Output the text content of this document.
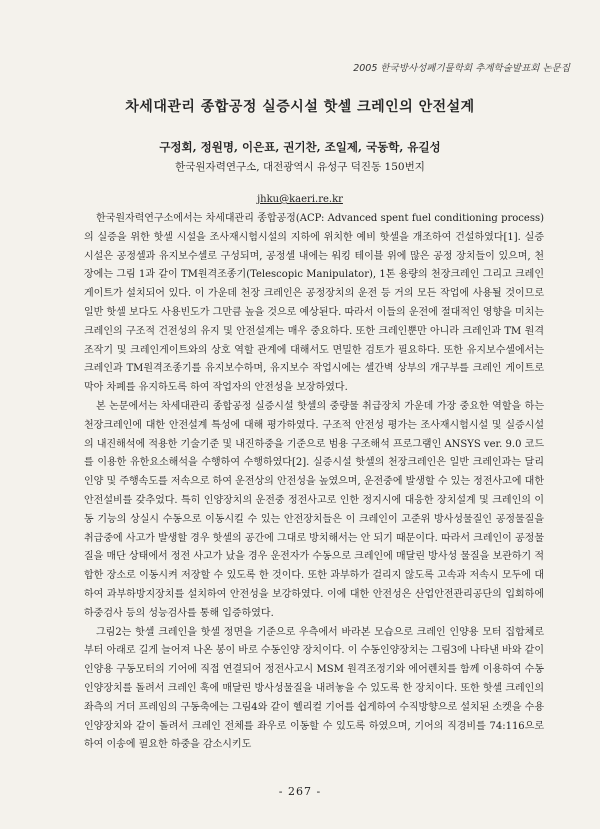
2005 한국방사성폐기물학회 추계학술발표회 논문집
차세대관리 종합공정 실증시설 핫셀 크레인의 안전설계
구정회, 정원명, 이은표, 권기찬, 조일제, 국동학, 유길성
한국원자력연구소, 대전광역시 유성구 덕진동 150번지
jhku@kaeri.re.kr

한국원자력연구소에서는 차세대관리 종합공정(ACP: Advanced spent fuel conditioning process)의 실증을 위한 핫셀 시설을 조사재시험시설의 지하에 위치한 예비 핫셀을 개조하여 건설하였다[1]. 실증시설은 공정셀과 유지보수셀로 구성되며, 공정셀 내에는 워킹 테이블 위에 많은 공정 장치들이 있으며, 천장에는 그림 1과 같이 TM원격조종기(Telescopic Manipulator), 1톤 용량의 천장크레인 그리고 크레인 게이트가 설치되어 있다. 이 가운데 천장 크레인은 공정장치의 운전 등 거의 모든 작업에 사용될 것이므로 일반 핫셀 보다도 사용빈도가 그만큼 높을 것으로 예상된다. 따라서 이들의 운전에 절대적인 영향을 미치는 크레인의 구조적 건전성의 유지 및 안전설계는 매우 중요하다. 또한 크레인뿐만 아니라 크레인과 TM 원격조작기 및 크레인게이트와의 상호 역할 관계에 대해서도 면밀한 검토가 필요하다. 또한 유지보수셀에서는 크레인과 TM원격조종기를 유지보수하며, 유지보수 작업시에는 셀간벽 상부의 개구부를 크레인 게이트로 막아 차폐를 유지하도록 하여 작업자의 안전성을 보장하였다.

본 논문에서는 차세대관리 종합공정 실증시설 핫셀의 중량물 취급장치 가운데 가장 중요한 역할을 하는 천장크레인에 대한 안전설계 특성에 대해 평가하였다. 구조적 안전성 평가는 조사재시험시설 및 실증시설의 내진해석에 적용한 기술기준 및 내진하중을 기준으로 범용 구조해석 프로그램인 ANSYS ver. 9.0 코드를 이용한 유한요소해석을 수행하여 수행하였다[2]. 실증시설 핫셀의 천장크레인은 일반 크레인과는 달리 인양 및 주행속도를 저속으로 하여 운전상의 안전성을 높였으며, 운전중에 발생할 수 있는 정전사고에 대한 안전설비를 갖추었다. 특히 인양장치의 운전중 정전사고로 인한 정지시에 대응한 장치설계 및 크레인의 이동 기능의 상실시 수동으로 이동시킬 수 있는 안전장치들은 이 크레인이 고준위 방사성물질인 공정물질을 취급중에 사고가 발생할 경우 핫셀의 공간에 그대로 방치해서는 안 되기 때문이다. 따라서 크레인이 공정물질을 매단 상태에서 정전 사고가 났을 경우 운전자가 수동으로 크레인에 매달린 방사성 물질을 보관하기 적합한 장소로 이동시켜 저장할 수 있도록 한 것이다. 또한 과부하가 걸리지 않도록 고속과 저속시 모두에 대하여 과부하방지장치를 설치하여 안전성을 보강하였다. 이에 대한 안전성은 산업안전관리공단의 입회하에 하중검사 등의 성능검사를 통해 입증하였다.

그림2는 핫셀 크레인을 핫셀 정면을 기준으로 우측에서 바라본 모습으로 크레인 인양용 모터 집합체로부터 아래로 길게 늘어져 나온 봉이 바로 수동인양 장치이다. 이 수동인양장치는 그림3에 나타낸 바와 같이 인양용 구동모터의 기어에 직접 연결되어 정전사고시 MSM 원격조정기와 에어렌치를 함께 이용하여 수동인양장치를 돌려서 크레인 훅에 매달린 방사성물질을 내려놓을 수 있도록 한 장치이다. 또한 핫셀 크레인의 좌측의 거더 프레임의 구동축에는 그림4와 같이 헬리컬 기어를 쉽게하여 수직방향으로 설치된 소켓을 수용인양장치와 같이 돌려서 크레인 전체를 좌우로 이동할 수 있도록 하였으며, 기어의 직경비를 74:116으로 하여 이송에 필요한 하중을 감소시키도

- 267 -
